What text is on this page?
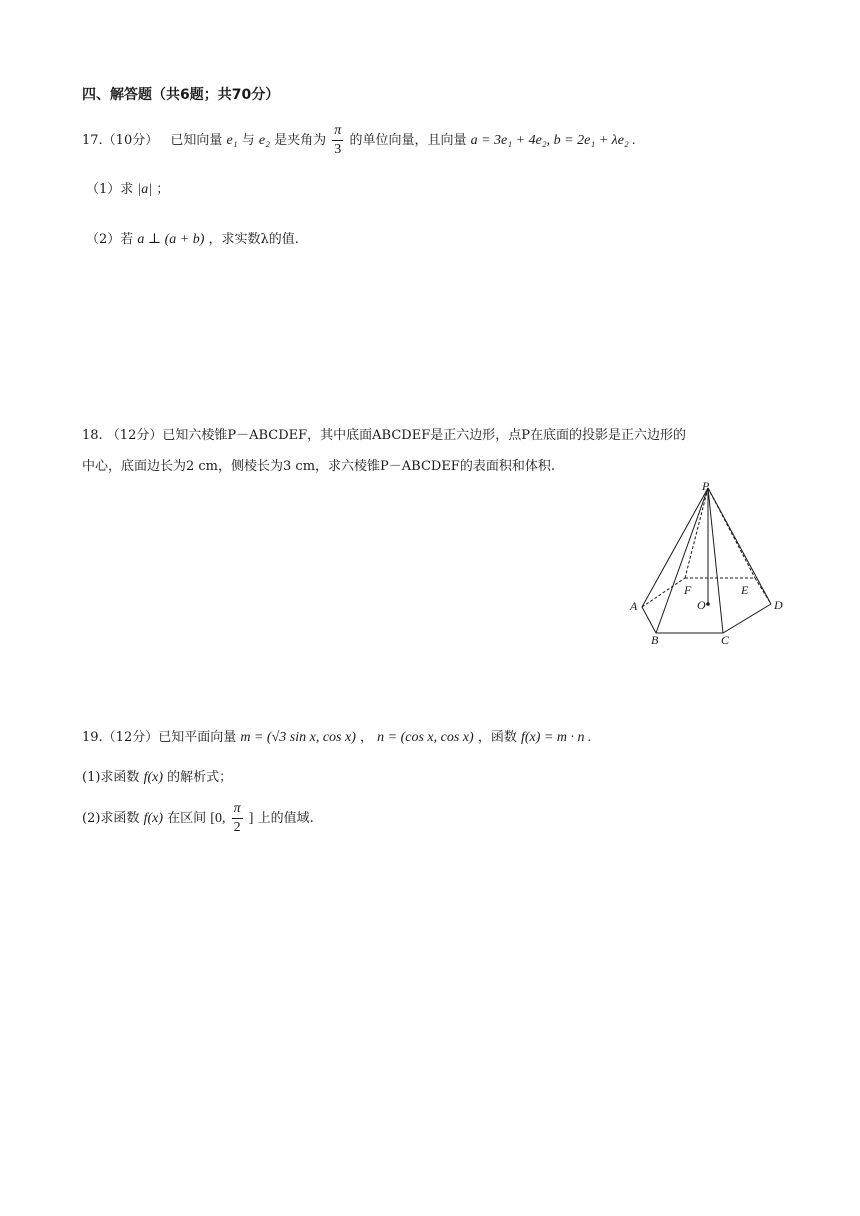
四、解答题（共6题；共70分）
17.（10分） 已知向量 e₁ 与 e₂ 是夹角为 $\frac{\pi}{3}$ 的单位向量，且向量 a = 3e₁ + 4e₂, b = 2e₁ + λe₂ .
（1）求 |a| ；
（2）若 a ⊥ (a + b) ，求实数λ的值.
18. （12分）已知六棱锥P－ABCDEF，其中底面ABCDEF是正六边形，点P在底面的投影是正六边形的
中心，底面边长为2 cm，侧棱长为3 cm，求六棱锥P－ABCDEF的表面积和体积.
P
A
B	C
D
E
F
O
19.（12分）已知平面向量 m = (√3 sin x, cos x) ， n = (cos x, cos x) ，函数 f(x) = m · n .
(1)求函数 f(x) 的解析式；
(2)求函数 f(x) 在区间 [0, $\frac{\pi}{2}$ ] 上的值域.
